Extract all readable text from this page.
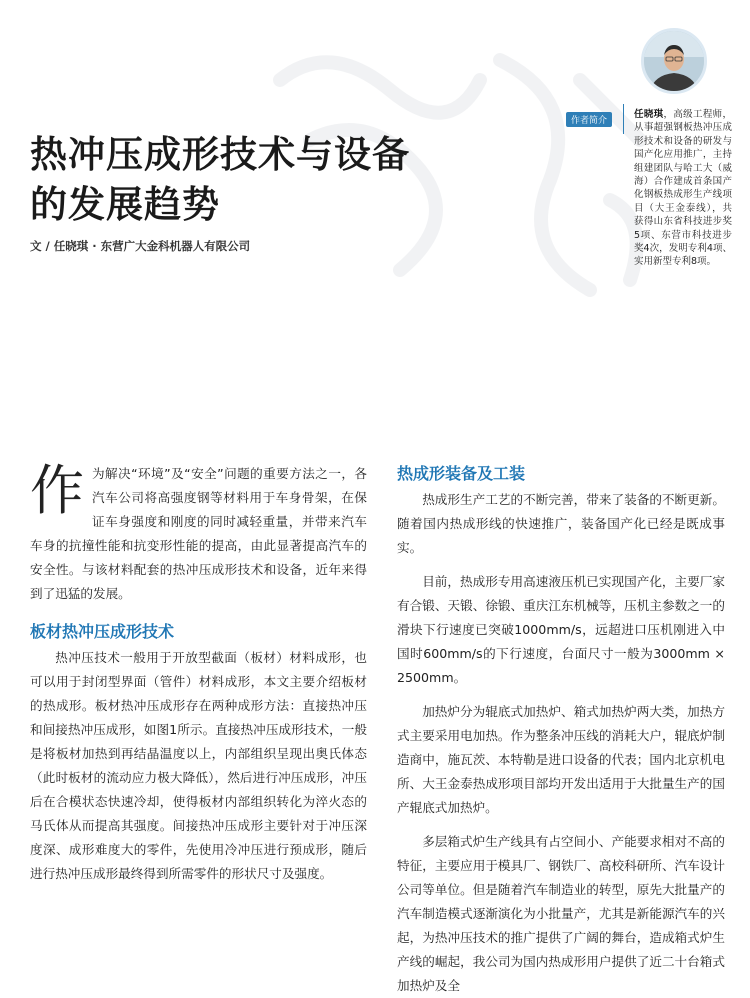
热冲压成形技术与设备
的发展趋势
文 / 任晓琪 · 东营广大金科机器人有限公司
作者简介
任晓琪，高级工程师，从事超强钢板热冲压成形技术和设备的研发与国产化应用推广，主持组建团队与哈工大（威海）合作建成首条国产化钢板热成形生产线项目（大王金泰线），共获得山东省科技进步奖5项、东营市科技进步奖4次，发明专利4项、实用新型专利8项。

作为解决“环境”及“安全”问题的重要方法之一，各汽车公司将高强度钢等材料用于车身骨架，在保证车身强度和刚度的同时减轻重量，并带来汽车车身的抗撞性能和抗变形性能的提高，由此显著提高汽车的安全性。与该材料配套的热冲压成形技术和设备，近年来得到了迅猛的发展。

板材热冲压成形技术

热冲压技术一般用于开放型截面（板材）材料成形，也可以用于封闭型界面（管件）材料成形，本文主要介绍板材的热成形。板材热冲压成形存在两种成形方法：直接热冲压和间接热冲压成形，如图1所示。直接热冲压成形技术，一般是将板材加热到再结晶温度以上，内部组织呈现出奥氏体态（此时板材的流动应力极大降低），然后进行冲压成形，冲压后在合模状态快速冷却，使得板材内部组织转化为淬火态的马氏体从而提高其强度。间接热冲压成形主要针对于冲压深度深、成形难度大的零件，先使用冷冲压进行预成形，随后进行热冲压成形最终得到所需零件的形状尺寸及强度。

热成形装备及工装

热成形生产工艺的不断完善，带来了装备的不断更新。随着国内热成形线的快速推广，装备国产化已经是既成事实。

目前，热成形专用高速液压机已实现国产化，主要厂家有合锻、天锻、徐锻、重庆江东机械等，压机主参数之一的滑块下行速度已突破1000mm/s，远超进口压机刚进入中国时600mm/s的下行速度，台面尺寸一般为3000mm × 2500mm。

加热炉分为辊底式加热炉、箱式加热炉两大类，加热方式主要采用电加热。作为整条冲压线的消耗大户，辊底炉制造商中，施瓦茨、本特勒是进口设备的代表；国内北京机电所、大王金泰热成形项目部均开发出适用于大批量生产的国产辊底式加热炉。

多层箱式炉生产线具有占空间小、产能要求相对不高的特征，主要应用于模具厂、钢铁厂、高校科研所、汽车设计公司等单位。但是随着汽车制造业的转型，原先大批量产的汽车制造模式逐渐演化为小批量产，尤其是新能源汽车的兴起，为热冲压技术的推广提供了广阔的舞台，造成箱式炉生产线的崛起，我公司为国内热成形用户提供了近二十台箱式加热炉及全
